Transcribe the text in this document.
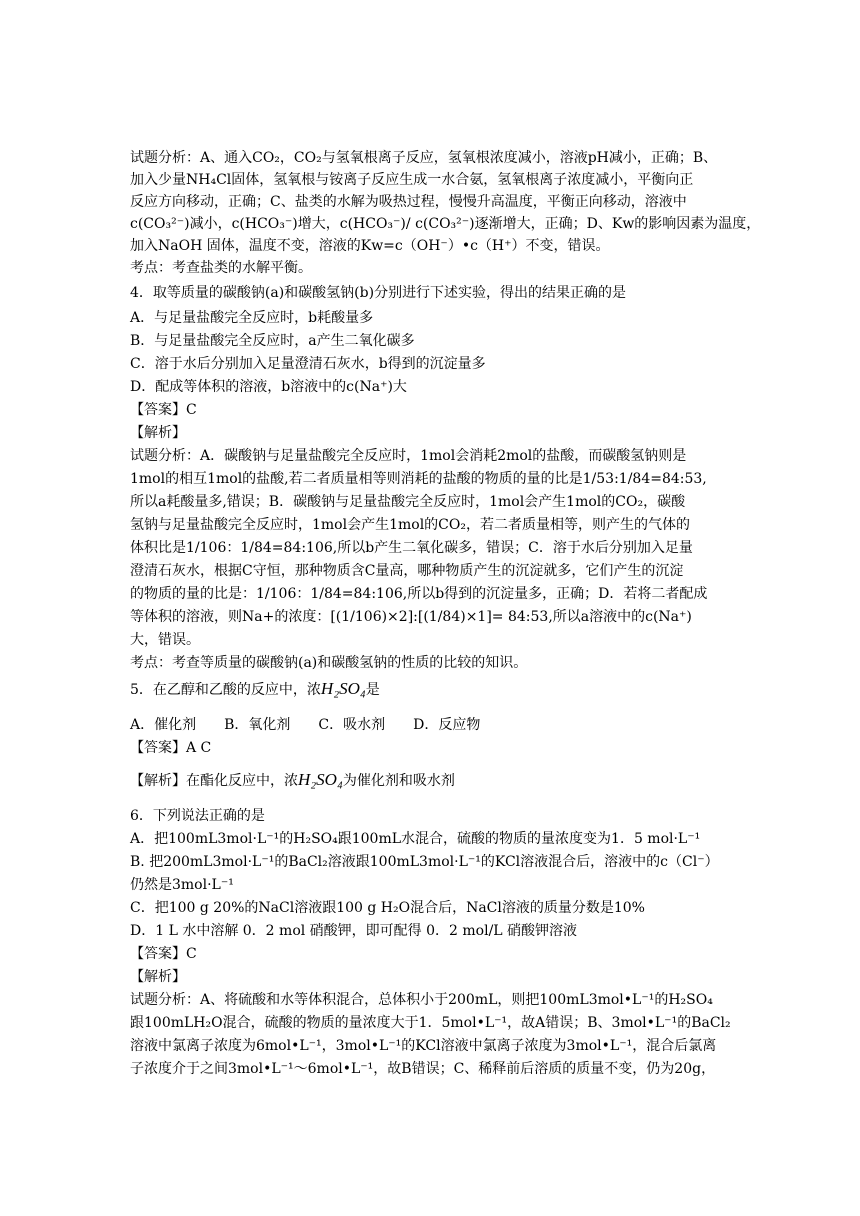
试题分析：A、通入CO₂，CO₂与氢氧根离子反应，氢氧根浓度减小，溶液pH减小，正确；B、
加入少量NH₄Cl固体，氢氧根与铵离子反应生成一水合氨，氢氧根离子浓度减小，平衡向正
反应方向移动，正确；C、盐类的水解为吸热过程，慢慢升高温度，平衡正向移动，溶液中
c(CO₃²⁻)减小，c(HCO₃⁻)增大，c(HCO₃⁻)/ c(CO₃²⁻)逐渐增大，正确；D、Kw的影响因素为温度，
加入NaOH 固体，温度不变，溶液的Kw=c（OH⁻）•c（H⁺）不变，错误。
考点：考查盐类的水解平衡。
4．取等质量的碳酸钠(a)和碳酸氢钠(b)分别进行下述实验，得出的结果正确的是
A．与足量盐酸完全反应时，b耗酸量多
B．与足量盐酸完全反应时，a产生二氧化碳多
C．溶于水后分别加入足量澄清石灰水，b得到的沉淀量多
D．配成等体积的溶液，b溶液中的c(Na⁺)大
【答案】C
【解析】
试题分析：A．碳酸钠与足量盐酸完全反应时，1mol会消耗2mol的盐酸，而碳酸氢钠则是
1mol的相互1mol的盐酸,若二者质量相等则消耗的盐酸的物质的量的比是1/53:1/84=84:53,
所以a耗酸量多,错误；B．碳酸钠与足量盐酸完全反应时，1mol会产生1mol的CO₂，碳酸
氢钠与足量盐酸完全反应时，1mol会产生1mol的CO₂，若二者质量相等，则产生的气体的
体积比是1/106：1/84=84:106,所以b产生二氧化碳多，错误；C．溶于水后分别加入足量
澄清石灰水，根据C守恒，那种物质含C量高，哪种物质产生的沉淀就多，它们产生的沉淀
的物质的量的比是：1/106：1/84=84:106,所以b得到的沉淀量多，正确；D．若将二者配成
等体积的溶液，则Na+的浓度：[(1/106)×2]:[(1/84)×1]= 84:53,所以a溶液中的c(Na⁺)
大，错误。
考点：考查等质量的碳酸钠(a)和碳酸氢钠的性质的比较的知识。
5．在乙醇和乙酸的反应中，浓H₂SO₄是
A．催化剂　　B．氧化剂　　C．吸水剂　　D．反应物
【答案】A C
【解析】在酯化反应中，浓H₂SO₄为催化剂和吸水剂
6．下列说法正确的是
A．把100mL3mol·L⁻¹的H₂SO₄跟100mL水混合，硫酸的物质的量浓度变为1．5 mol·L⁻¹
B. 把200mL3mol·L⁻¹的BaCl₂溶液跟100mL3mol·L⁻¹的KCl溶液混合后，溶液中的c（Cl⁻）
仍然是3mol·L⁻¹
C．把100 g 20%的NaCl溶液跟100 g H₂O混合后，NaCl溶液的质量分数是10%
D．1 L 水中溶解 0．2 mol 硝酸钾，即可配得 0．2 mol/L 硝酸钾溶液
【答案】C
【解析】
试题分析：A、将硫酸和水等体积混合，总体积小于200mL，则把100mL3mol•L⁻¹的H₂SO₄
跟100mLH₂O混合，硫酸的物质的量浓度大于1．5mol•L⁻¹，故A错误；B、3mol•L⁻¹的BaCl₂
溶液中氯离子浓度为6mol•L⁻¹，3mol•L⁻¹的KCl溶液中氯离子浓度为3mol•L⁻¹，混合后氯离
子浓度介于之间3mol•L⁻¹～6mol•L⁻¹，故B错误；C、稀释前后溶质的质量不变，仍为20g，
